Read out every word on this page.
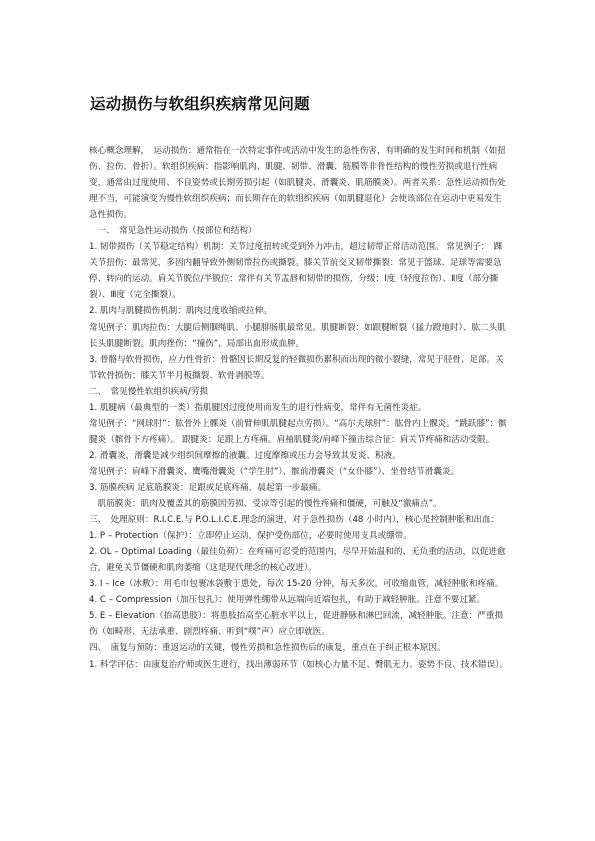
运动损伤与软组织疾病常见问题

核心概念理解，　运动损伤：通常指在一次特定事件或活动中发生的急性伤害，有明确的发生时间和机制（如扭伤、拉伤、骨折）。软组织疾病：指影响肌肉、肌腱、韧带、滑囊、筋膜等非骨性结构的慢性劳损或退行性病变，通常由过度使用、不良姿势或长期劳损引起（如肌腱炎、滑囊炎、肌筋膜炎）。两者关系：急性运动损伤处理不当，可能演变为慢性软组织疾病；而长期存在的软组织疾病（如肌腱退化）会使该部位在运动中更易发生急性损伤。

　一、　常见急性运动损伤（按部位和结构）

1. 韧带损伤（关节稳定结构）机制：关节过度扭转或受到外力冲击，超过韧带正常活动范围。 常见例子：　踝关节扭伤：最常见，多因内翻导致外侧韧带拉伤或撕裂。膝关节前交叉韧带撕裂：常见于篮球、足球等需要急停、转向的运动。肩关节脱位/半脱位：常伴有关节盂唇和韧带的损伤，分级：Ⅰ度（轻度拉伤）、Ⅱ度（部分撕裂）、Ⅲ度（完全撕裂）。

2. 肌肉与肌腱损伤机制：肌肉过度收缩或拉伸。

常见例子：肌肉拉伤：大腿后侧腘绳肌、小腿腓肠肌最常见。肌腱断裂：如跟腱断裂（猛力蹬地时）、肱二头肌长头肌腱断裂。肌肉挫伤：“撞伤”，局部出血形成血肿。

3. 骨骼与软骨损伤，应力性骨折：骨骼因长期反复的轻微损伤累积而出现的微小裂缝，常见于胫骨、足部。关节软骨损伤：膝关节半月板撕裂、软骨剥脱等。

二、　常见慢性软组织疾病/劳损

1. 肌腱病（最典型的一类）指肌腱因过度使用而发生的退行性病变，常伴有无菌性炎症。

常见例子：“网球肘”：肱骨外上髁炎（前臂伸肌肌腱起点劳损）。“高尔夫球肘”：肱骨内上髁炎。“跳跃膝”：髌腱炎（髌骨下方疼痛）。 跟腱炎：足跟上方疼痛。肩袖肌腱炎/肩峰下撞击综合征：肩关节疼痛和活动受限。

2. 滑囊炎，滑囊是减少组织间摩擦的液囊。过度摩擦或压力会导致其发炎、积液。

常见例子：肩峰下滑囊炎、鹰嘴滑囊炎（“学生肘”）、髌前滑囊炎（“女仆膝”）、坐骨结节滑囊炎。

3. 筋膜疾病 足底筋膜炎：足跟或足底疼痛，晨起第一步最痛。

　肌筋膜炎：肌肉及覆盖其的筋膜因劳损、受凉等引起的慢性疼痛和僵硬，可触及“激痛点”。

三、　处理原则：R.I.C.E.与 P.O.L.I.C.E.理念的演进，对于急性损伤（48 小时内），核心是控制肿胀和出血：

1. P – Protection（保护）：立即停止运动，保护受伤部位，必要时使用支具或绷带。

2. OL – Optimal Loading（最佳负荷）：在疼痛可忍受的范围内，尽早开始温和的、无负重的活动，以促进愈合，避免关节僵硬和肌肉萎缩（这是现代理念的核心改进）。

3. I – Ice（冰敷）：用毛巾包裹冰袋敷于患处，每次 15-20 分钟，每天多次。可收缩血管，减轻肿胀和疼痛。

4. C – Compression（加压包扎）：使用弹性绷带从远端向近端包扎，有助于减轻肿胀。注意不要过紧。

5. E – Elevation（抬高患肢）：将患肢抬高至心脏水平以上，促进静脉和淋巴回流，减轻肿胀。注意：严重损伤（如畸形、无法承重、剧烈疼痛、听到“噗”声）应立即就医。

四、　康复与预防：重返运动的关键，慢性劳损和急性损伤后的康复，重点在于纠正根本原因。

1. 科学评估：由康复治疗师或医生进行，找出薄弱环节（如核心力量不足、臀肌无力、姿势不良、技术错误）。
